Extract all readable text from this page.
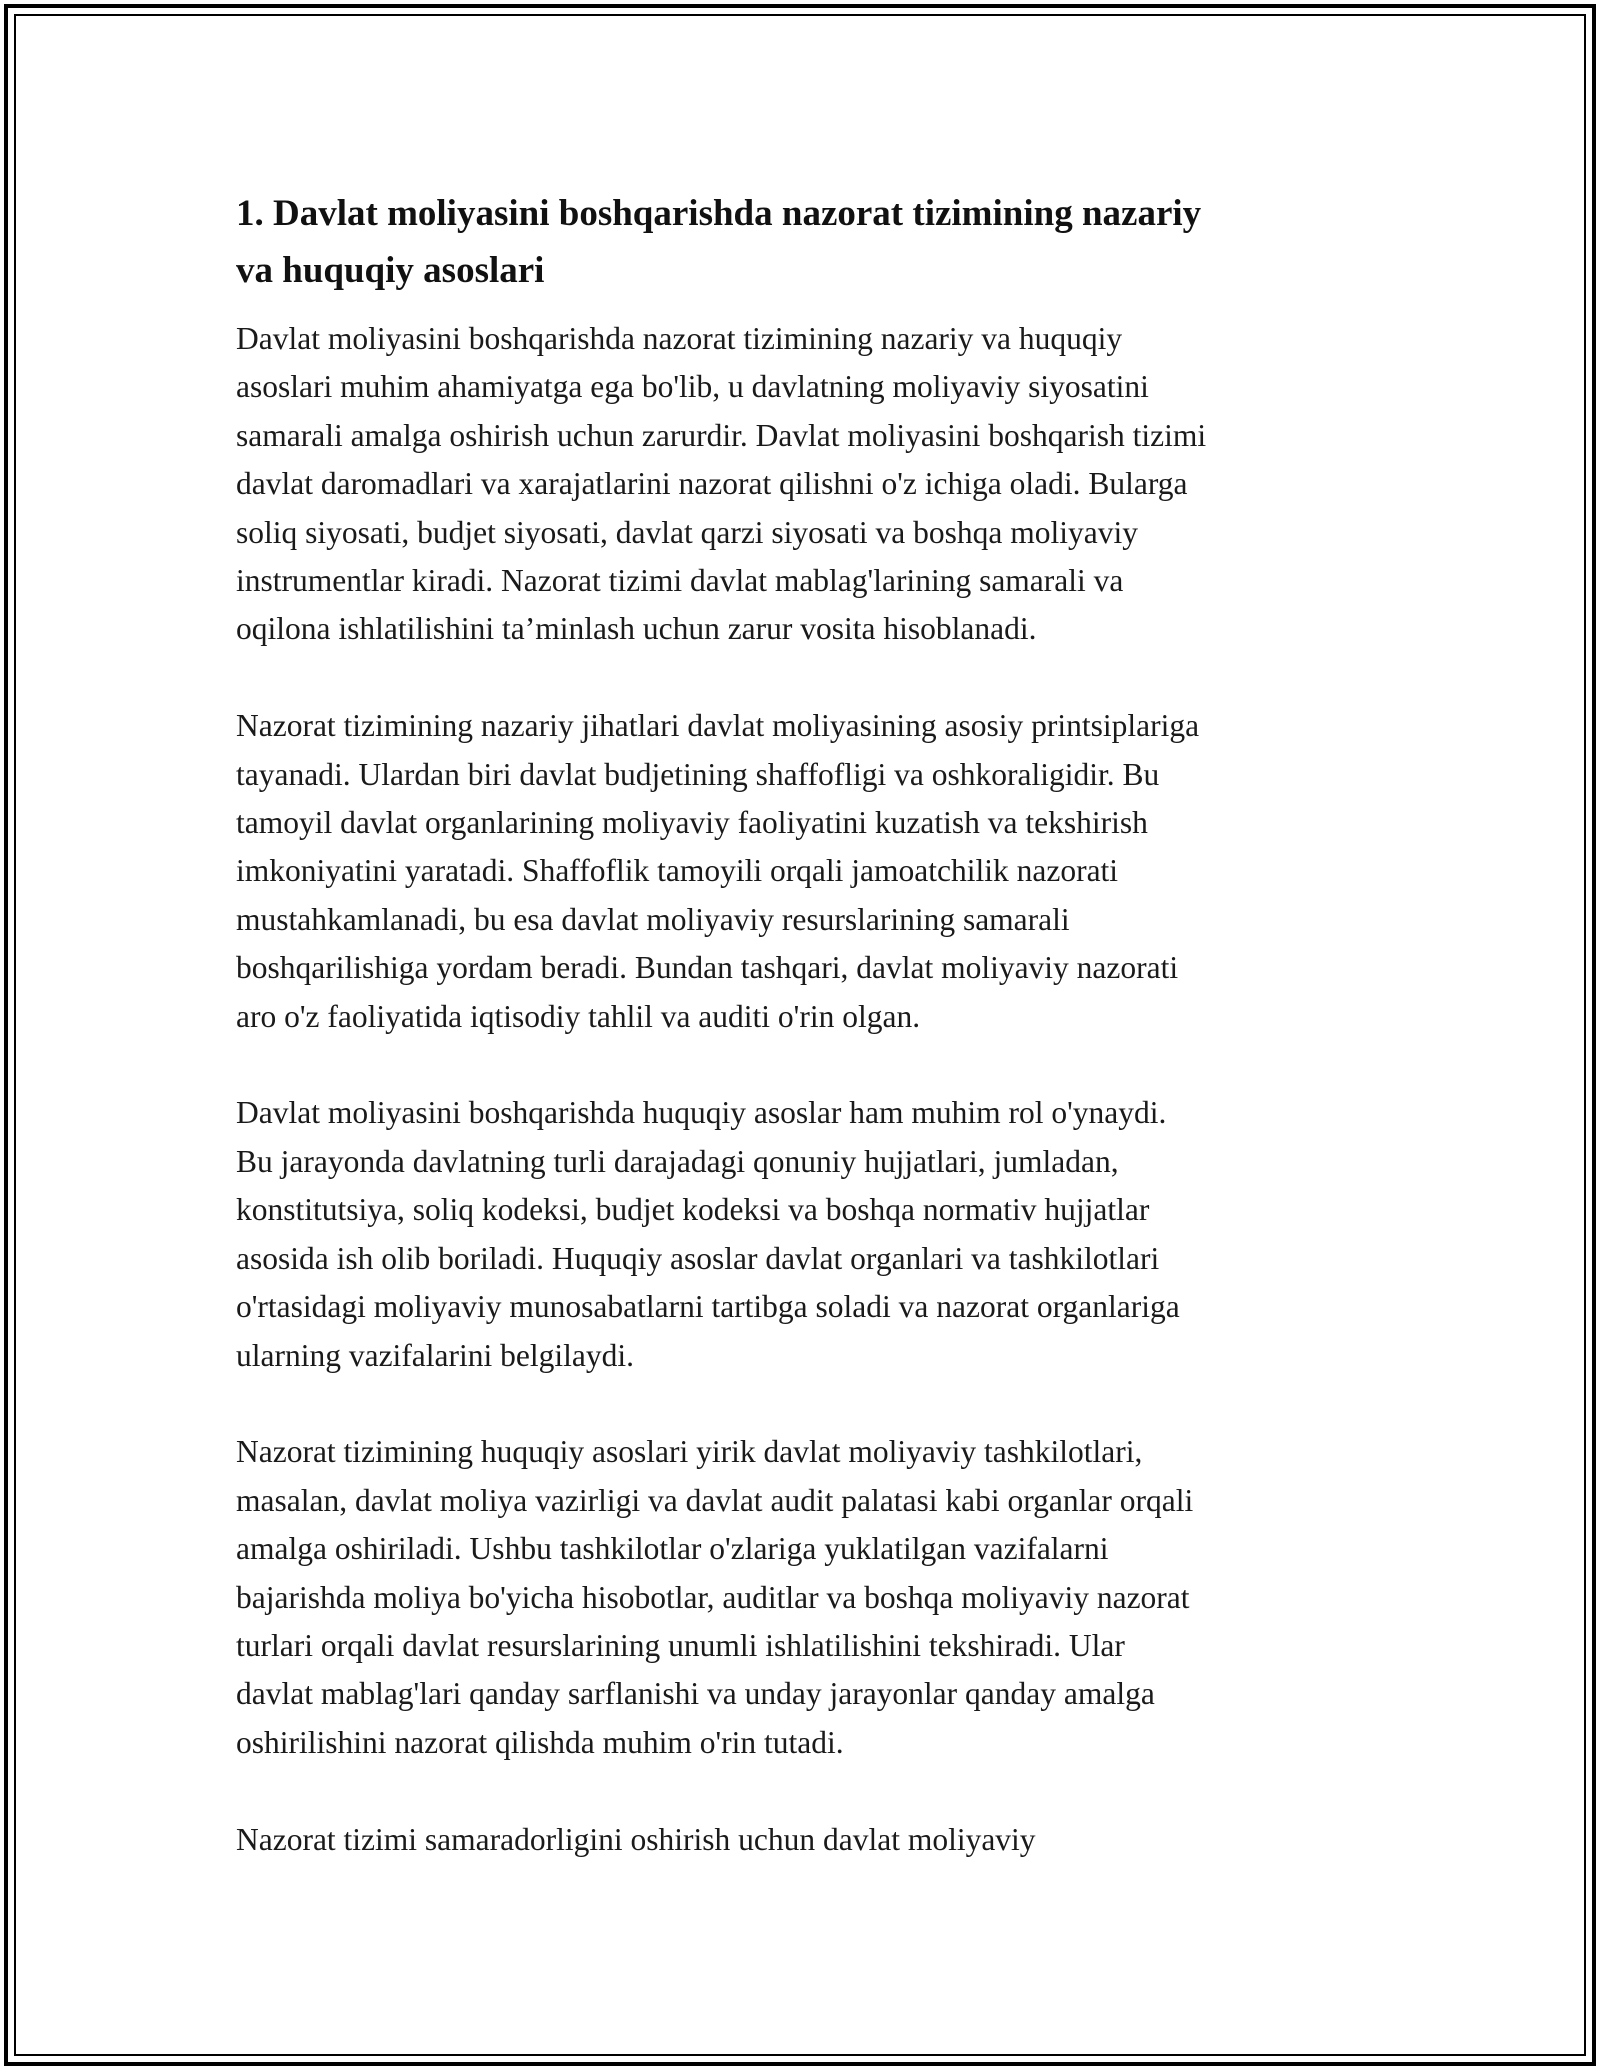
1. Davlat moliyasini boshqarishda nazorat tizimining nazariy
va huquqiy asoslari
Davlat moliyasini boshqarishda nazorat tizimining nazariy va huquqiy
asoslari muhim ahamiyatga ega bo'lib, u davlatning moliyaviy siyosatini
samarali amalga oshirish uchun zarurdir. Davlat moliyasini boshqarish tizimi
davlat daromadlari va xarajatlarini nazorat qilishni o'z ichiga oladi. Bularga
soliq siyosati, budjet siyosati, davlat qarzi siyosati va boshqa moliyaviy
instrumentlar kiradi. Nazorat tizimi davlat mablag'larining samarali va
oqilona ishlatilishini ta’minlash uchun zarur vosita hisoblanadi.
Nazorat tizimining nazariy jihatlari davlat moliyasining asosiy printsiplariga
tayanadi. Ulardan biri davlat budjetining shaffofligi va oshkoraligidir. Bu
tamoyil davlat organlarining moliyaviy faoliyatini kuzatish va tekshirish
imkoniyatini yaratadi. Shaffoflik tamoyili orqali jamoatchilik nazorati
mustahkamlanadi, bu esa davlat moliyaviy resurslarining samarali
boshqarilishiga yordam beradi. Bundan tashqari, davlat moliyaviy nazorati
aro o'z faoliyatida iqtisodiy tahlil va auditi o'rin olgan.
Davlat moliyasini boshqarishda huquqiy asoslar ham muhim rol o'ynaydi.
Bu jarayonda davlatning turli darajadagi qonuniy hujjatlari, jumladan,
konstitutsiya, soliq kodeksi, budjet kodeksi va boshqa normativ hujjatlar
asosida ish olib boriladi. Huquqiy asoslar davlat organlari va tashkilotlari
o'rtasidagi moliyaviy munosabatlarni tartibga soladi va nazorat organlariga
ularning vazifalarini belgilaydi.
Nazorat tizimining huquqiy asoslari yirik davlat moliyaviy tashkilotlari,
masalan, davlat moliya vazirligi va davlat audit palatasi kabi organlar orqali
amalga oshiriladi. Ushbu tashkilotlar o'zlariga yuklatilgan vazifalarni
bajarishda moliya bo'yicha hisobotlar, auditlar va boshqa moliyaviy nazorat
turlari orqali davlat resurslarining unumli ishlatilishini tekshiradi. Ular
davlat mablag'lari qanday sarflanishi va unday jarayonlar qanday amalga
oshirilishini nazorat qilishda muhim o'rin tutadi.
Nazorat tizimi samaradorligini oshirish uchun davlat moliyaviy
